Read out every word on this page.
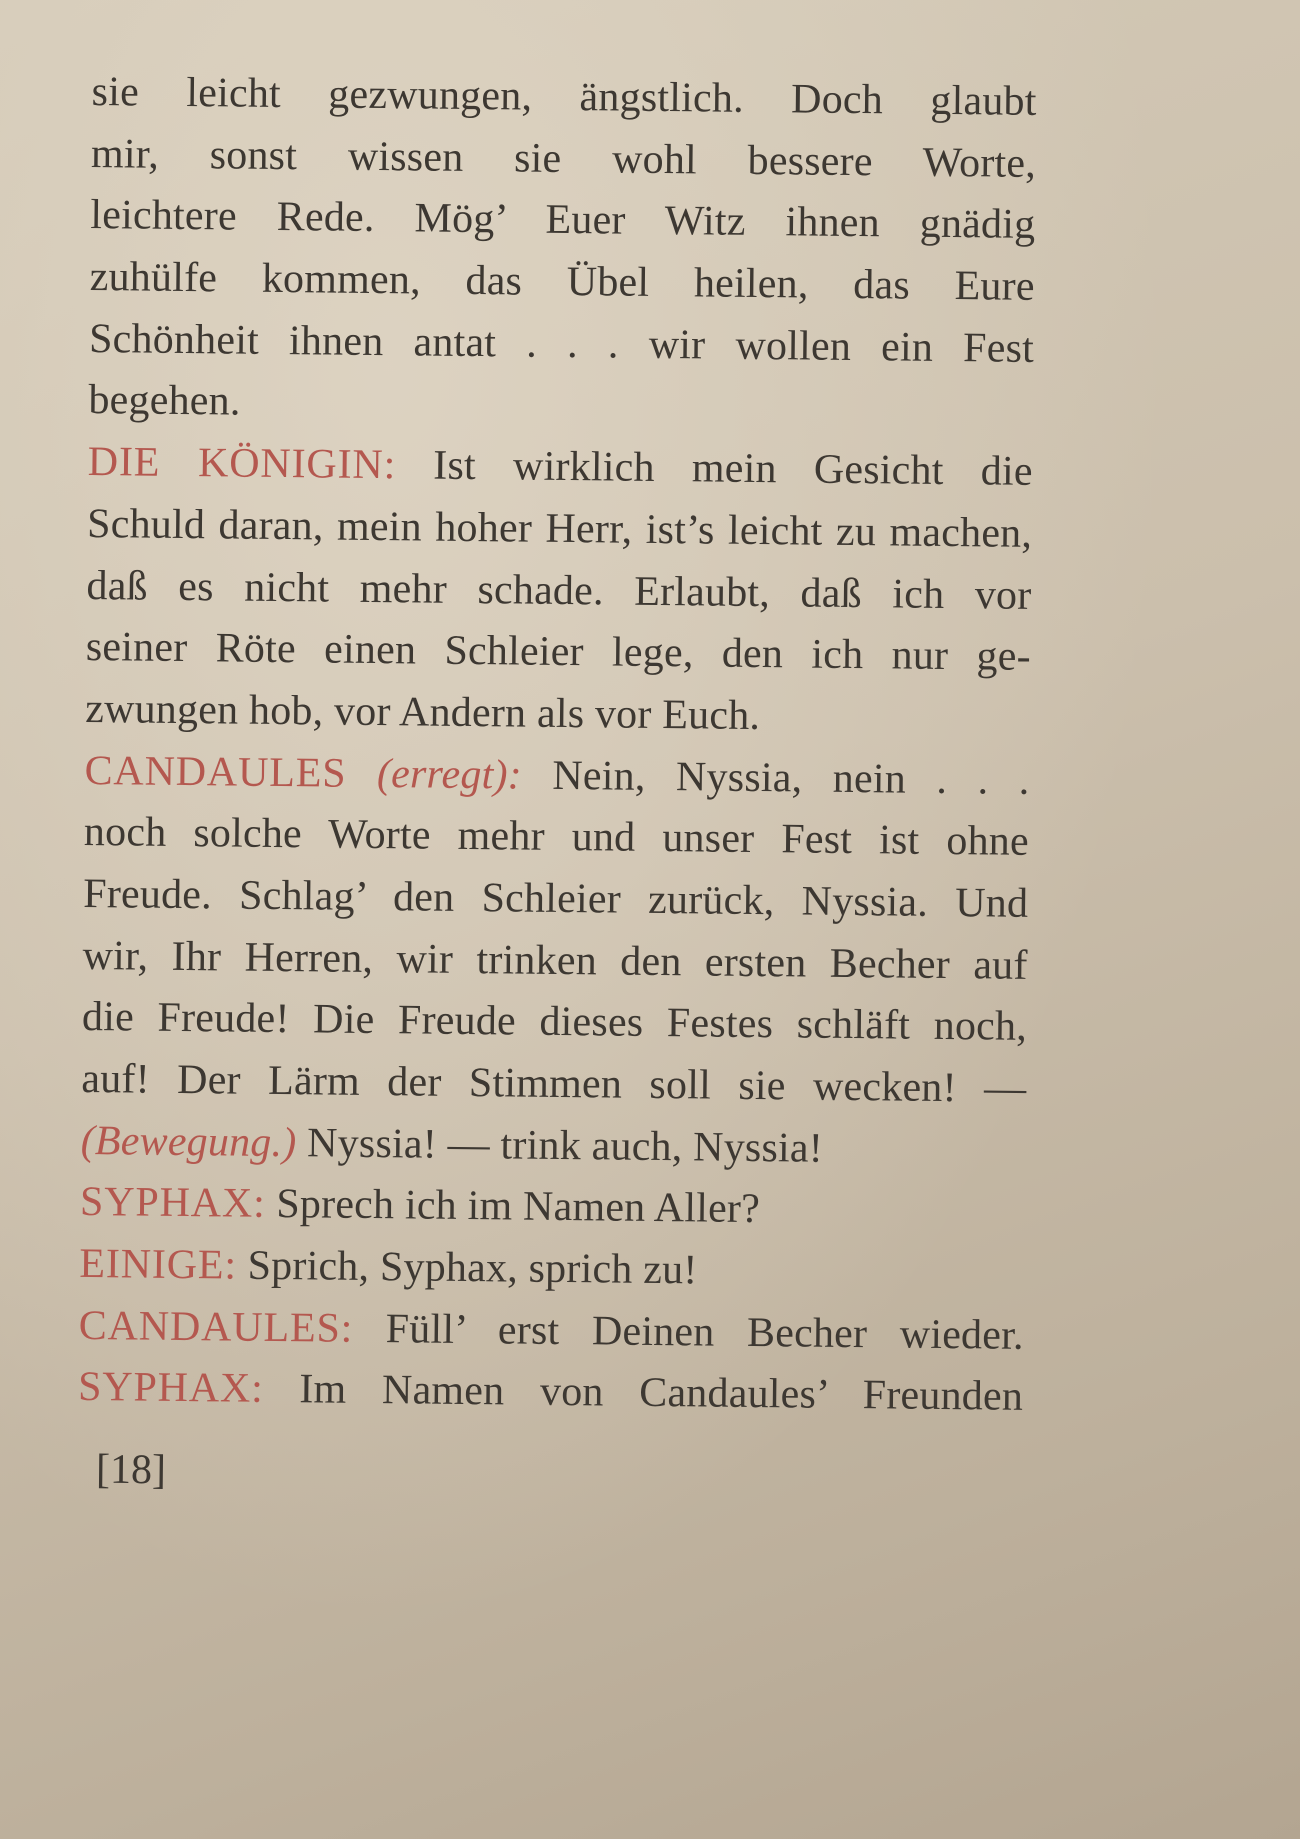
sie leicht gezwungen, ängstlich. Doch glaubt
mir, sonst wissen sie wohl bessere Worte,
leichtere Rede. Mög’ Euer Witz ihnen gnädig
zuhülfe kommen, das Übel heilen, das Eure
Schönheit ihnen antat . . . wir wollen ein Fest
begehen.
DIE KÖNIGIN: Ist wirklich mein Gesicht die
Schuld daran, mein hoher Herr, ist’s leicht zu machen,
daß es nicht mehr schade. Erlaubt, daß ich vor
seiner Röte einen Schleier lege, den ich nur ge-
zwungen hob, vor Andern als vor Euch.
CANDAULES (erregt): Nein, Nyssia, nein . . .
noch solche Worte mehr und unser Fest ist ohne
Freude. Schlag’ den Schleier zurück, Nyssia. Und
wir, Ihr Herren, wir trinken den ersten Becher auf
die Freude! Die Freude dieses Festes schläft noch,
auf! Der Lärm der Stimmen soll sie wecken! —
(Bewegung.) Nyssia! — trink auch, Nyssia!
SYPHAX: Sprech ich im Namen Aller?
EINIGE: Sprich, Syphax, sprich zu!
CANDAULES: Füll’ erst Deinen Becher wieder.
SYPHAX: Im Namen von Candaules’ Freunden
[18]
